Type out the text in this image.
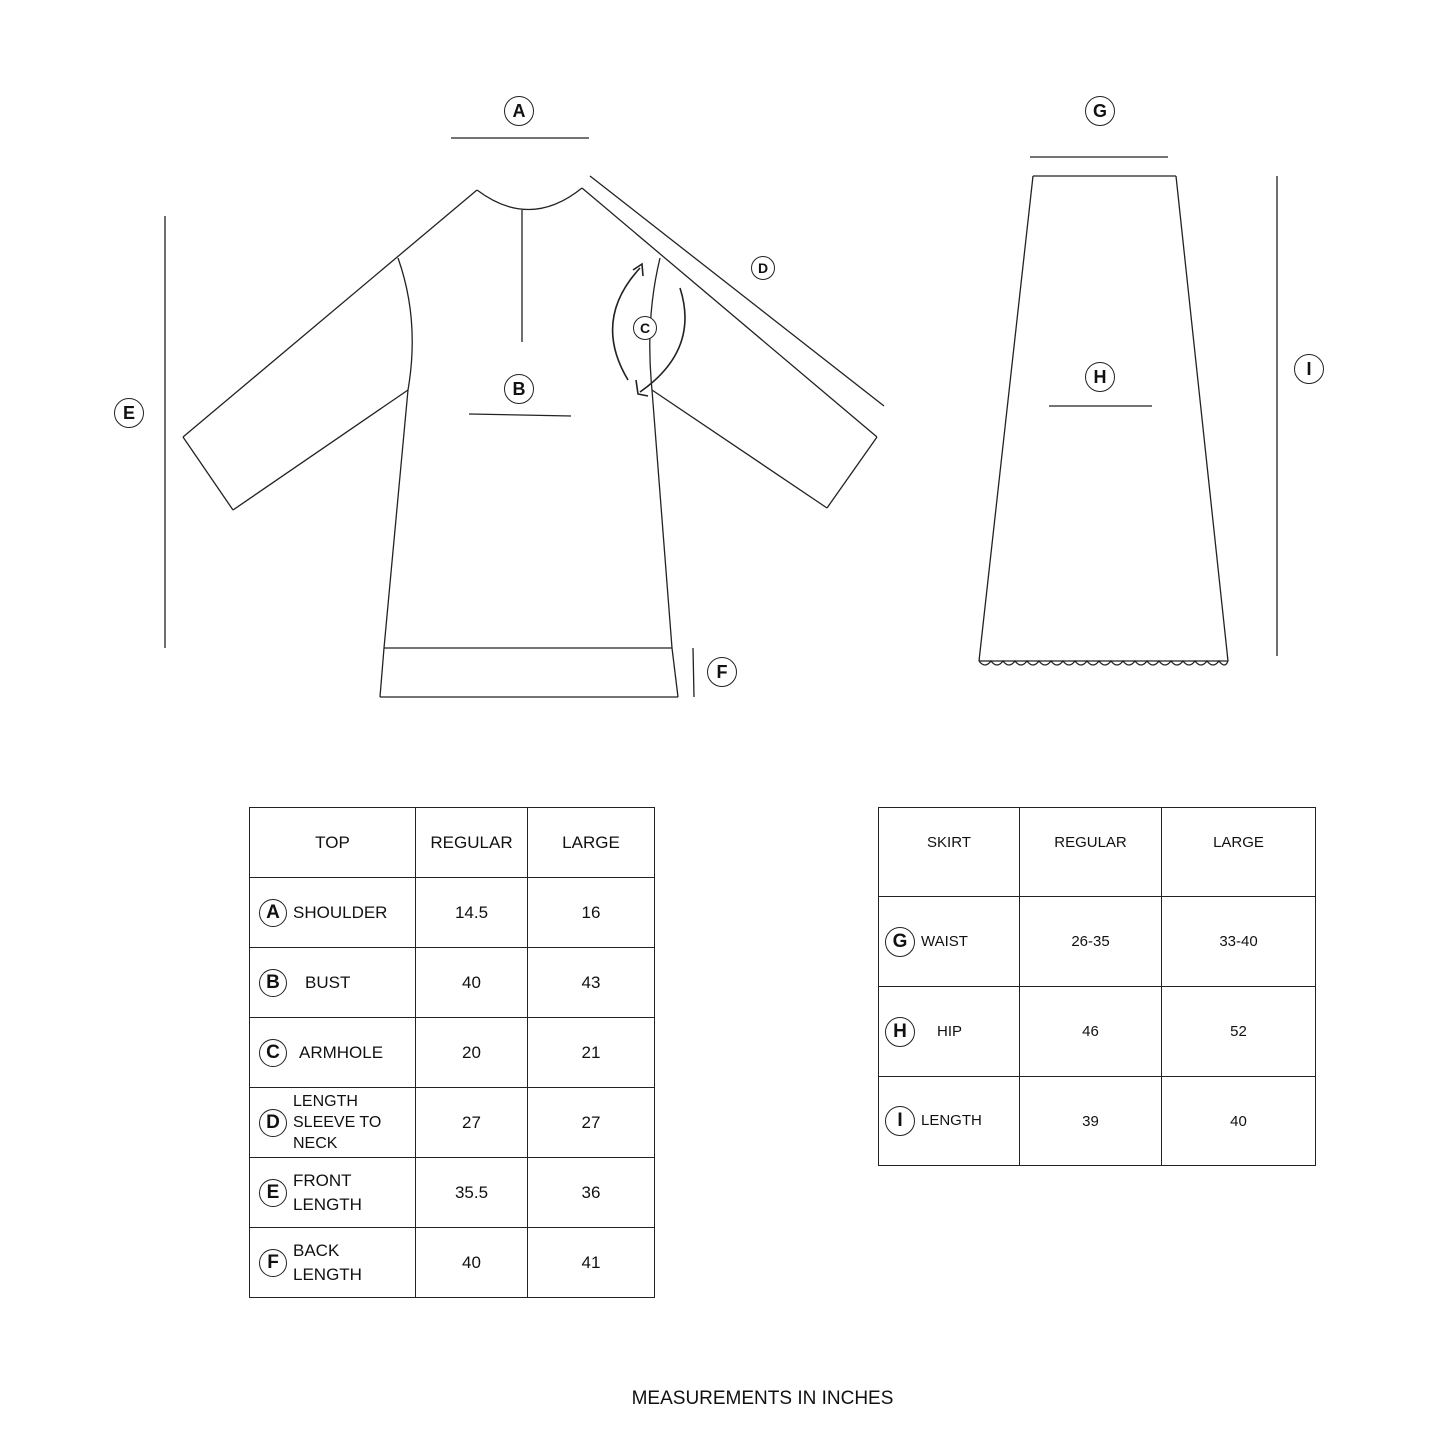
A
B
C
D
E
F
G
H	I
TOP	REGULAR	LARGE

A SHOULDER	14.5	16

B BUST	40	43

C ARMHOLE	20	21

D
LENGTH
SLEEVE TO
NECK	27	27

E
FRONT
LENGTH	35.5	36

F
BACK
LENGTH	40	41
SKIRT	REGULAR	LARGE

G WAIST	26-35	33-40

H HIP	46	52

I LENGTH	39	40
MEASUREMENTS IN INCHES
